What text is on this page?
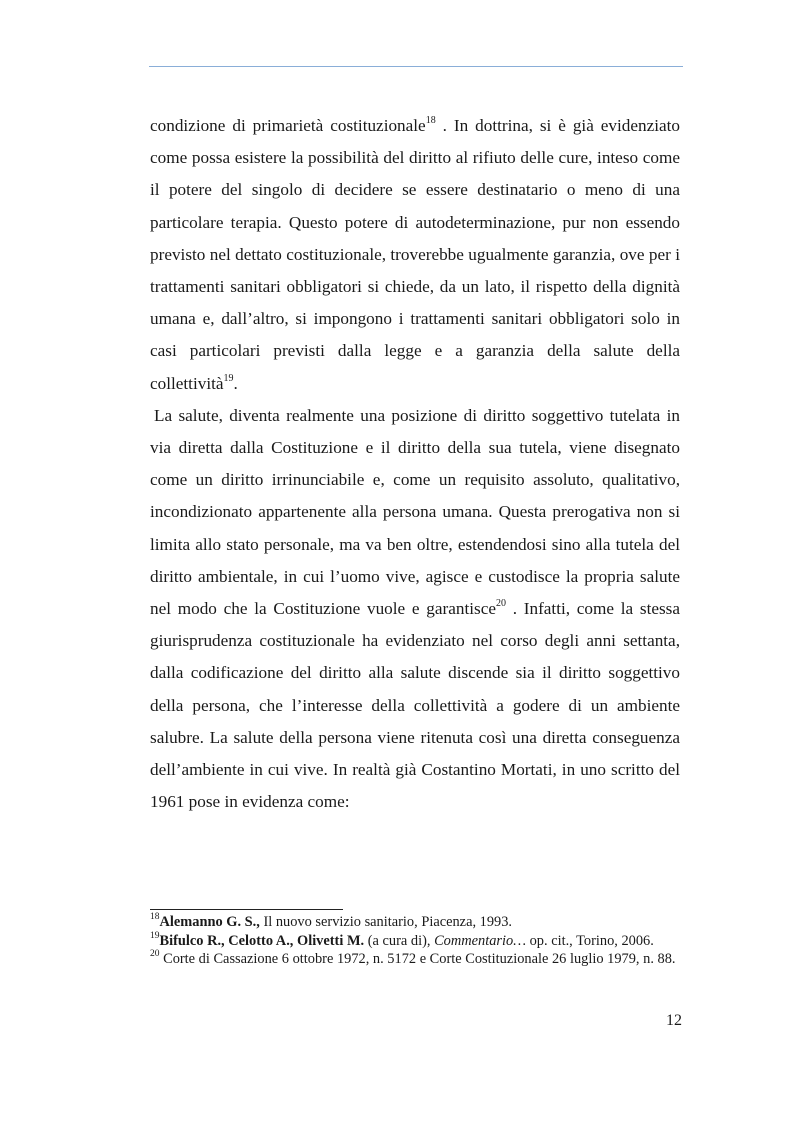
condizione di primarietà costituzionale$^{18}$ . In dottrina, si è già evidenziato come possa esistere la possibilità del diritto al rifiuto delle cure, inteso come il potere del singolo di decidere se essere destinatario o meno di una particolare terapia. Questo potere di autodeterminazione, pur non essendo previsto nel dettato costituzionale, troverebbe ugualmente garanzia, ove per i trattamenti sanitari obbligatori si chiede, da un lato, il rispetto della dignità umana e, dall’altro, si impongono i trattamenti sanitari obbligatori solo in casi particolari previsti dalla legge e a garanzia della salute della collettività$^{19}$.

La salute, diventa realmente una posizione di diritto soggettivo tutelata in via diretta dalla Costituzione e il diritto della sua tutela, viene disegnato come un diritto irrinunciabile e, come un requisito assoluto, qualitativo, incondizionato appartenente alla persona umana. Questa prerogativa non si limita allo stato personale, ma va ben oltre, estendendosi sino alla tutela del diritto ambientale, in cui l’uomo vive, agisce e custodisce la propria salute nel modo che la Costituzione vuole e garantisce$^{20}$ . Infatti, come la stessa giurisprudenza costituzionale ha evidenziato nel corso degli anni settanta, dalla codificazione del diritto alla salute discende sia il diritto soggettivo della persona, che l’interesse della collettività a godere di un ambiente salubre. La salute della persona viene ritenuta così una diretta conseguenza dell’ambiente in cui vive. In realtà già Costantino Mortati, in uno scritto del 1961 pose in evidenza come:

$^{18}$Alemanno G. S., Il nuovo servizio sanitario, Piacenza, 1993.

$^{19}$Bifulco R., Celotto A., Olivetti M. (a cura di), Commentario… op. cit., Torino, 2006.

$^{20}$ Corte di Cassazione 6 ottobre 1972, n. 5172 e Corte Costituzionale 26 luglio 1979, n. 88.

12
